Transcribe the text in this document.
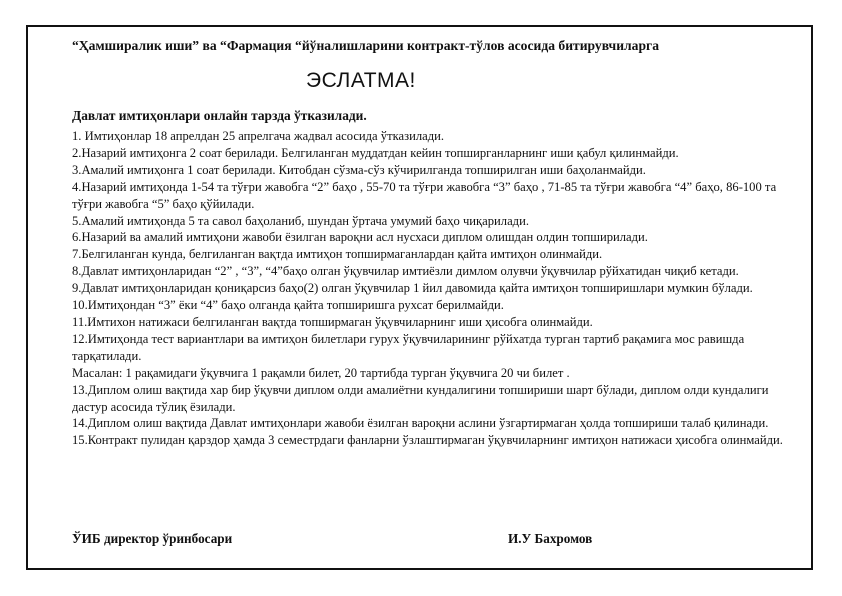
“Ҳамширалик иши” ва “Фармация “йўналишларини контракт-тўлов асосида битирувчиларга
ЭСЛАТМА!
Давлат имтиҳонлари онлайн тарзда ўтказилади.
1. Имтиҳонлар 18 апрелдан 25 апрелгача жадвал асосида ўтказилади.
2.Назарий имтиҳонга 2 соат берилади. Белгиланган муддатдан кейин топширганларнинг иши қабул қилинмайди.
3.Амалий имтиҳонга 1 соат берилади. Китобдан сўзма-сўз кўчирилганда топширилган иши баҳоланмайди.
4.Назарий имтиҳонда 1-54 та тўғри жавобга “2” баҳо , 55-70 та тўғри жавобга “3” баҳо , 71-85 та тўғри жавобга “4” баҳо, 86-100 та тўғри жавобга “5” баҳо қўйилади.
5.Амалий имтиҳонда 5 та савол баҳоланиб, шундан ўртача умумий баҳо чиқарилади.
6.Назарий ва амалий имтиҳони жавоби ёзилган вароқни асл нусхаси диплом олишдан олдин топширилади.
7.Белгиланган кунда, белгиланган вақтда имтиҳон топширмаганлардан қайта имтиҳон олинмайди.
8.Давлат имтиҳонларидан “2” , “3”, “4”баҳо олган ўқувчилар имтиёзли димлом олувчи ўқувчилар рўйхатидан чиқиб кетади.
9.Давлат имтиҳонларидан қониқарсиз баҳо(2) олган ўқувчилар 1 йил давомида қайта имтиҳон топширишлари мумкин бўлади.
10.Имтиҳондан “3” ёки “4” баҳо олганда қайта топширишга рухсат берилмайди.
11.Имтихон натижаси белгиланган вақтда топширмаган ўқувчиларнинг иши ҳисобга олинмайди.
12.Имтиҳонда тест вариантлари ва имтиҳон билетлари гурух ўқувчиларининг рўйхатда турган тартиб рақамига мос равишда тарқатилади.
Масалан: 1 рақамидаги ўқувчига 1 рақамли билет, 20 тартибда турган ўқувчига 20 чи билет .
13.Диплом олиш вақтида хар бир ўқувчи диплом олди амалиётни кундалигини топшириши шарт бўлади, диплом олди кундалиги дастур асосида тўлиқ ёзилади.
14.Диплом олиш вақтида Давлат имтиҳонлари жавоби ёзилган вароқни аслини ўзгартирмаган ҳолда топшириши талаб қилинади.
15.Контракт пулидан қарздор ҳамда 3 семестрдаги фанларни ўзлаштирмаган ўқувчиларнинг имтиҳон натижаси ҳисобга олинмайди.
ЎИБ директор ўринбосари	И.У Бахромов
